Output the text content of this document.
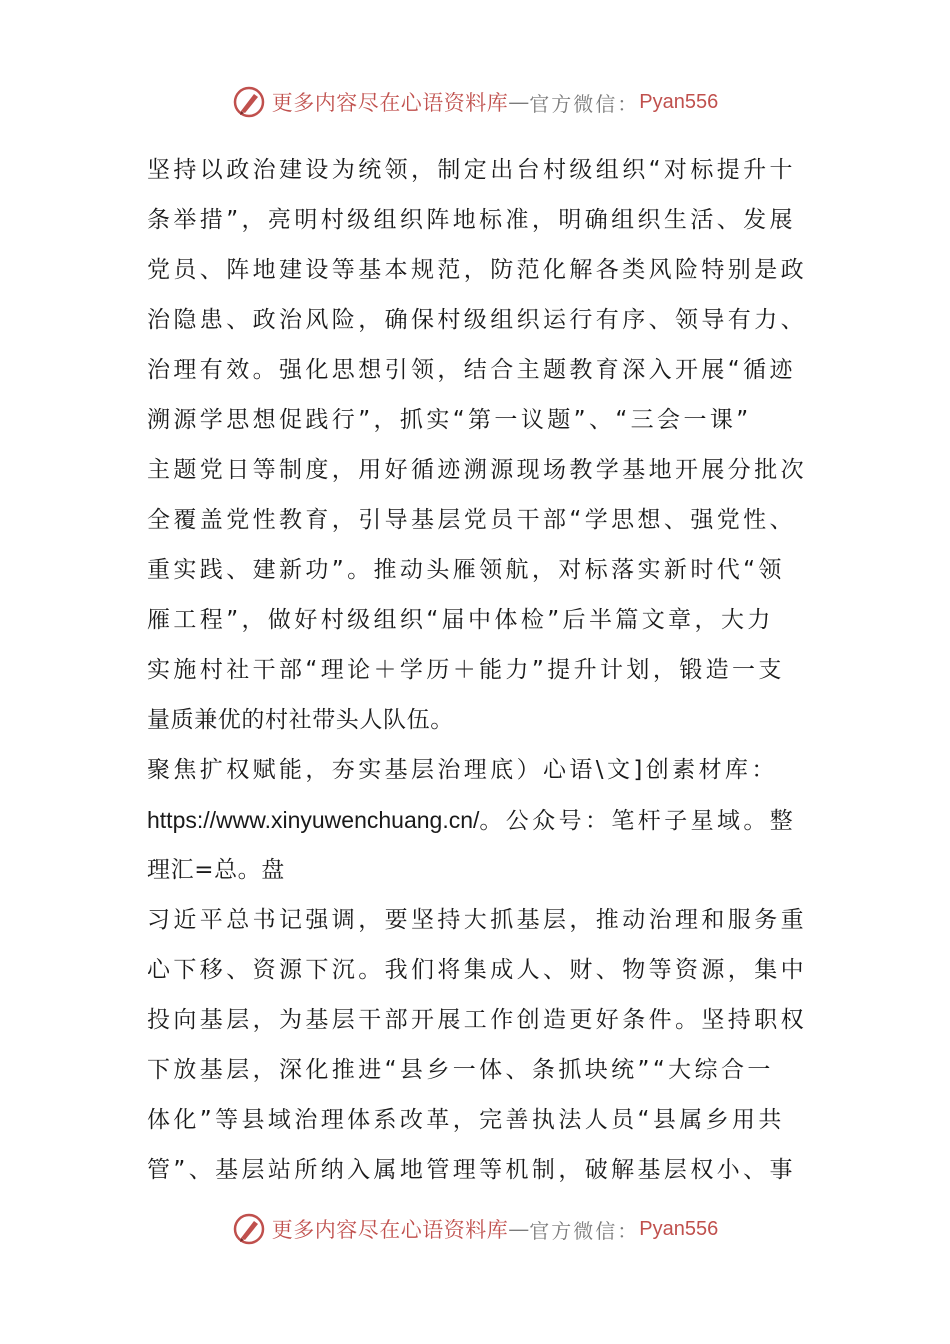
更多内容尽在心语资料库 — 官方微信： Pyan556
坚持以政治建设为统领，制定出台村级组织“对标提升十
条举措”，亮明村级组织阵地标准，明确组织生活、发展
党员、阵地建设等基本规范，防范化解各类风险特别是政
治隐患、政治风险，确保村级组织运行有序、领导有力、
治理有效。强化思想引领，结合主题教育深入开展“循迹
溯源学思想促践行”，抓实“第一议题”、“三会一课”
主题党日等制度，用好循迹溯源现场教学基地开展分批次
全覆盖党性教育，引导基层党员干部“学思想、强党性、
重实践、建新功”。推动头雁领航，对标落实新时代“领
雁工程”，做好村级组织“届中体检”后半篇文章，大力
实施村社干部“理论＋学历＋能力”提升计划，锻造一支
量质兼优的村社带头人队伍。
聚焦扩权赋能，夯实基层治理底）心语\文]创素材库：
https://www.xinyuwenchuang.cn/。公众号：笔杆子星域。整
理汇=总。盘
习近平总书记强调，要坚持大抓基层，推动治理和服务重
心下移、资源下沉。我们将集成人、财、物等资源，集中
投向基层，为基层干部开展工作创造更好条件。坚持职权
下放基层，深化推进“县乡一体、条抓块统”“大综合一
体化”等县域治理体系改革，完善执法人员“县属乡用共
管”、基层站所纳入属地管理等机制，破解基层权小、事
更多内容尽在心语资料库 — 官方微信： Pyan556
